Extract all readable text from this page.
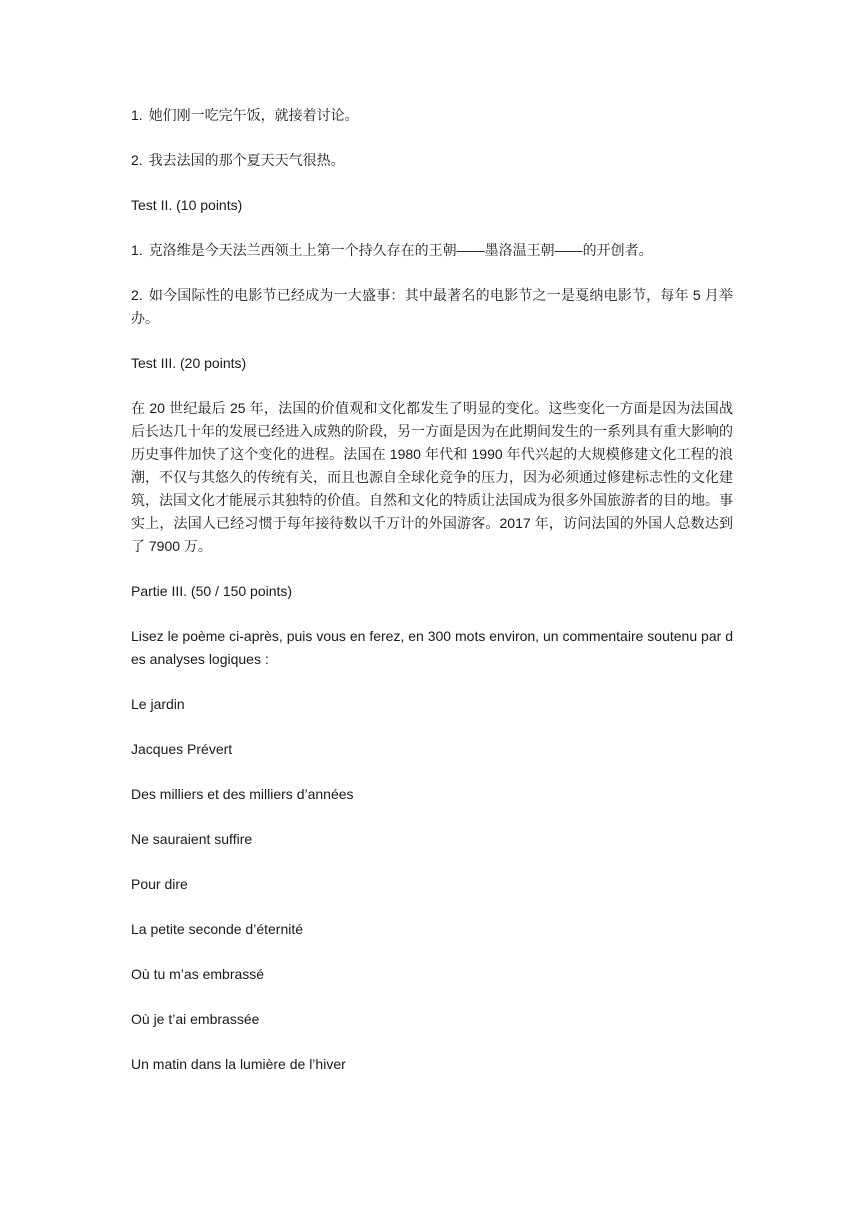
1. 她们刚一吃完午饭，就接着讨论。

2. 我去法国的那个夏天天气很热。

Test II. (10 points)

1. 克洛维是今天法兰西领土上第一个持久存在的王朝——墨洛温王朝——的开创者。

2. 如今国际性的电影节已经成为一大盛事：其中最著名的电影节之一是戛纳电影节，每年 5 月举办。

Test III. (20 points)

在 20 世纪最后 25 年，法国的价值观和文化都发生了明显的变化。这些变化一方面是因为法国战后长达几十年的发展已经进入成熟的阶段，另一方面是因为在此期间发生的一系列具有重大影响的历史事件加快了这个变化的进程。法国在 1980 年代和 1990 年代兴起的大规模修建文化工程的浪潮，不仅与其悠久的传统有关，而且也源自全球化竞争的压力，因为必须通过修建标志性的文化建筑，法国文化才能展示其独特的价值。自然和文化的特质让法国成为很多外国旅游者的目的地。事实上，法国人已经习惯于每年接待数以千万计的外国游客。2017 年，访问法国的外国人总数达到了 7900 万。

Partie III. (50 / 150 points)

Lisez le poème ci-après, puis vous en ferez, en 300 mots environ, un commentaire soutenu par des analyses logiques :

Le jardin

Jacques Prévert

Des milliers et des milliers d’années

Ne sauraient suffire

Pour dire

La petite seconde d’éternité

Où tu m’as embrassé

Où je t’ai embrassée

Un matin dans la lumière de l’hiver
